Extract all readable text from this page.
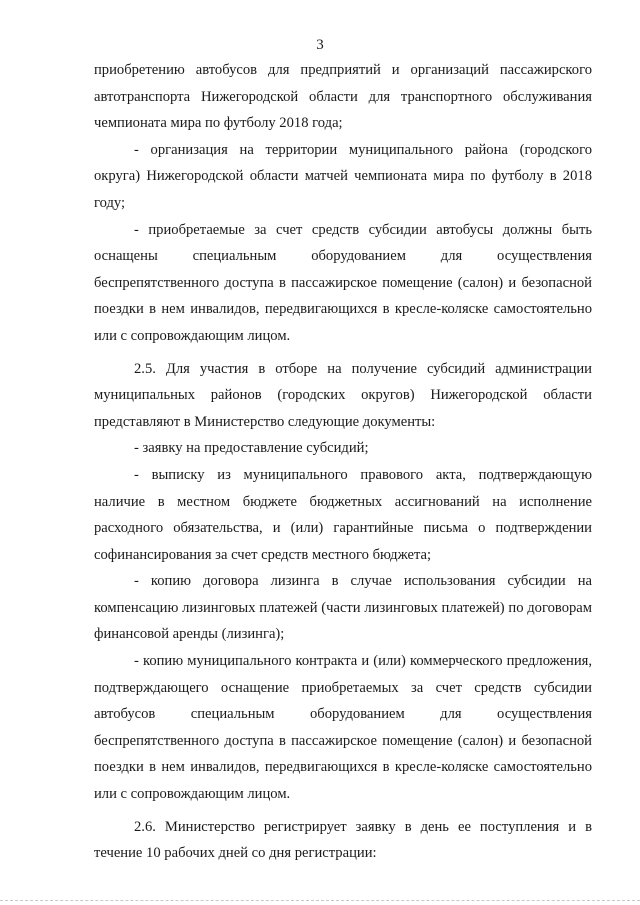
3

приобретению автобусов для предприятий и организаций пассажирского автотранспорта Нижегородской области для транспортного обслуживания чемпионата мира по футболу 2018 года;

- организация на территории муниципального района (городского округа) Нижегородской области матчей чемпионата мира по футболу в 2018 году;

- приобретаемые за счет средств субсидии автобусы должны быть оснащены специальным оборудованием для осуществления беспрепятственного доступа в пассажирское помещение (салон) и безопасной поездки в нем инвалидов, передвигающихся в кресле-коляске самостоятельно или с сопровождающим лицом.

2.5. Для участия в отборе на получение субсидий администрации муниципальных районов (городских округов) Нижегородской области представляют в Министерство следующие документы:

- заявку на предоставление субсидий;

- выписку из муниципального правового акта, подтверждающую наличие в местном бюджете бюджетных ассигнований на исполнение расходного обязательства, и (или) гарантийные письма о подтверждении софинансирования за счет средств местного бюджета;

- копию договора лизинга в случае использования субсидии на компенсацию лизинговых платежей (части лизинговых платежей) по договорам финансовой аренды (лизинга);

- копию муниципального контракта и (или) коммерческого предложения, подтверждающего оснащение приобретаемых за счет средств субсидии автобусов специальным оборудованием для осуществления беспрепятственного доступа в пассажирское помещение (салон) и безопасной поездки в нем инвалидов, передвигающихся в кресле-коляске самостоятельно или с сопровождающим лицом.

2.6. Министерство регистрирует заявку в день ее поступления и в течение 10 рабочих дней со дня регистрации:
